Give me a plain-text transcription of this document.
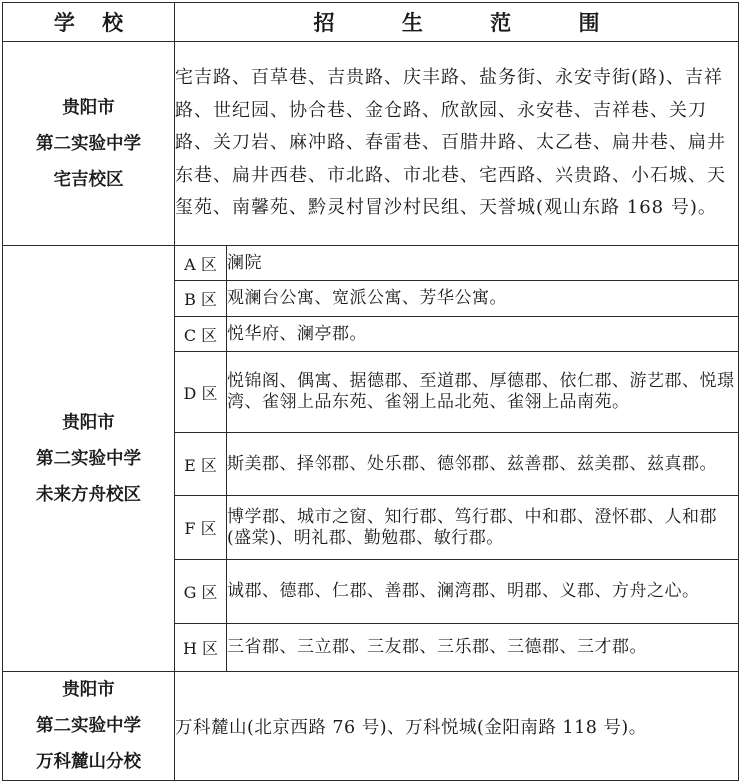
学 校	招 生 范 围	

贵阳市
第二实验中学
宅吉校区	宅吉路、百草巷、吉贵路、庆丰路、盐务街、永安寺街(路)、吉祥路、世纪园、协合巷、金仓路、欣歆园、永安巷、吉祥巷、关刀路、关刀岩、麻冲路、春雷巷、百腊井路、太乙巷、扁井巷、扁井东巷、扁井西巷、市北路、市北巷、宅西路、兴贵路、小石城、天玺苑、南馨苑、黔灵村冒沙村民组、天誉城(观山东路 168 号)。	

贵阳市
第二实验中学
未来方舟校区	A 区	澜院
	B 区	观澜台公寓、宽派公寓、芳华公寓。
	C 区	悦华府、澜亭郡。
	D 区	悦锦阁、偶寓、据德郡、至道郡、厚德郡、依仁郡、游艺郡、悦璟湾、雀翎上品东苑、雀翎上品北苑、雀翎上品南苑。
	E 区	斯美郡、择邻郡、处乐郡、德邻郡、兹善郡、兹美郡、兹真郡。
	F 区	博学郡、城市之窗、知行郡、笃行郡、中和郡、澄怀郡、人和郡(盛棠)、明礼郡、勤勉郡、敏行郡。
	G 区	诚郡、德郡、仁郡、善郡、澜湾郡、明郡、义郡、方舟之心。
	H 区	三省郡、三立郡、三友郡、三乐郡、三德郡、三才郡。

贵阳市
第二实验中学
万科麓山分校	万科麓山(北京西路 76 号)、万科悦城(金阳南路 118 号)。	
